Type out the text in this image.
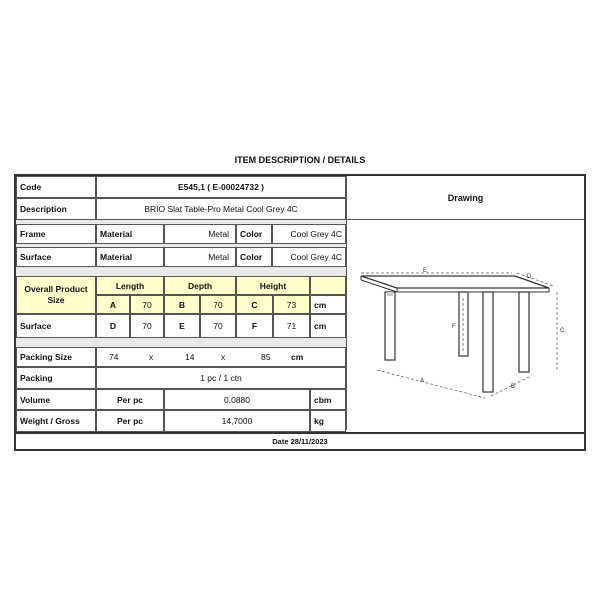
ITEM DESCRIPTION / DETAILS
Code	E545,1 ( E-00024732 )
Description	BRIO Slat Table-Pro Metal Cool Grey 4C
Frame	Material	Metal	Color	Cool Grey 4C
Surface	Material	Metal	Color	Cool Grey 4C
Overall Product Size
Length	Depth	Height
A	70	B	70	C	73	cm
Surface	D	70	E	70	F	71	cm
Packing Size	74	x	14	x	85 cm
Packing	1 pc / 1 ctn
Volume	Per pc	0,0880	cbm
Weight / Gross	Per pc	14,7000	kg
Drawing
E
D
F
C
A
B
Date 28/11/2023
